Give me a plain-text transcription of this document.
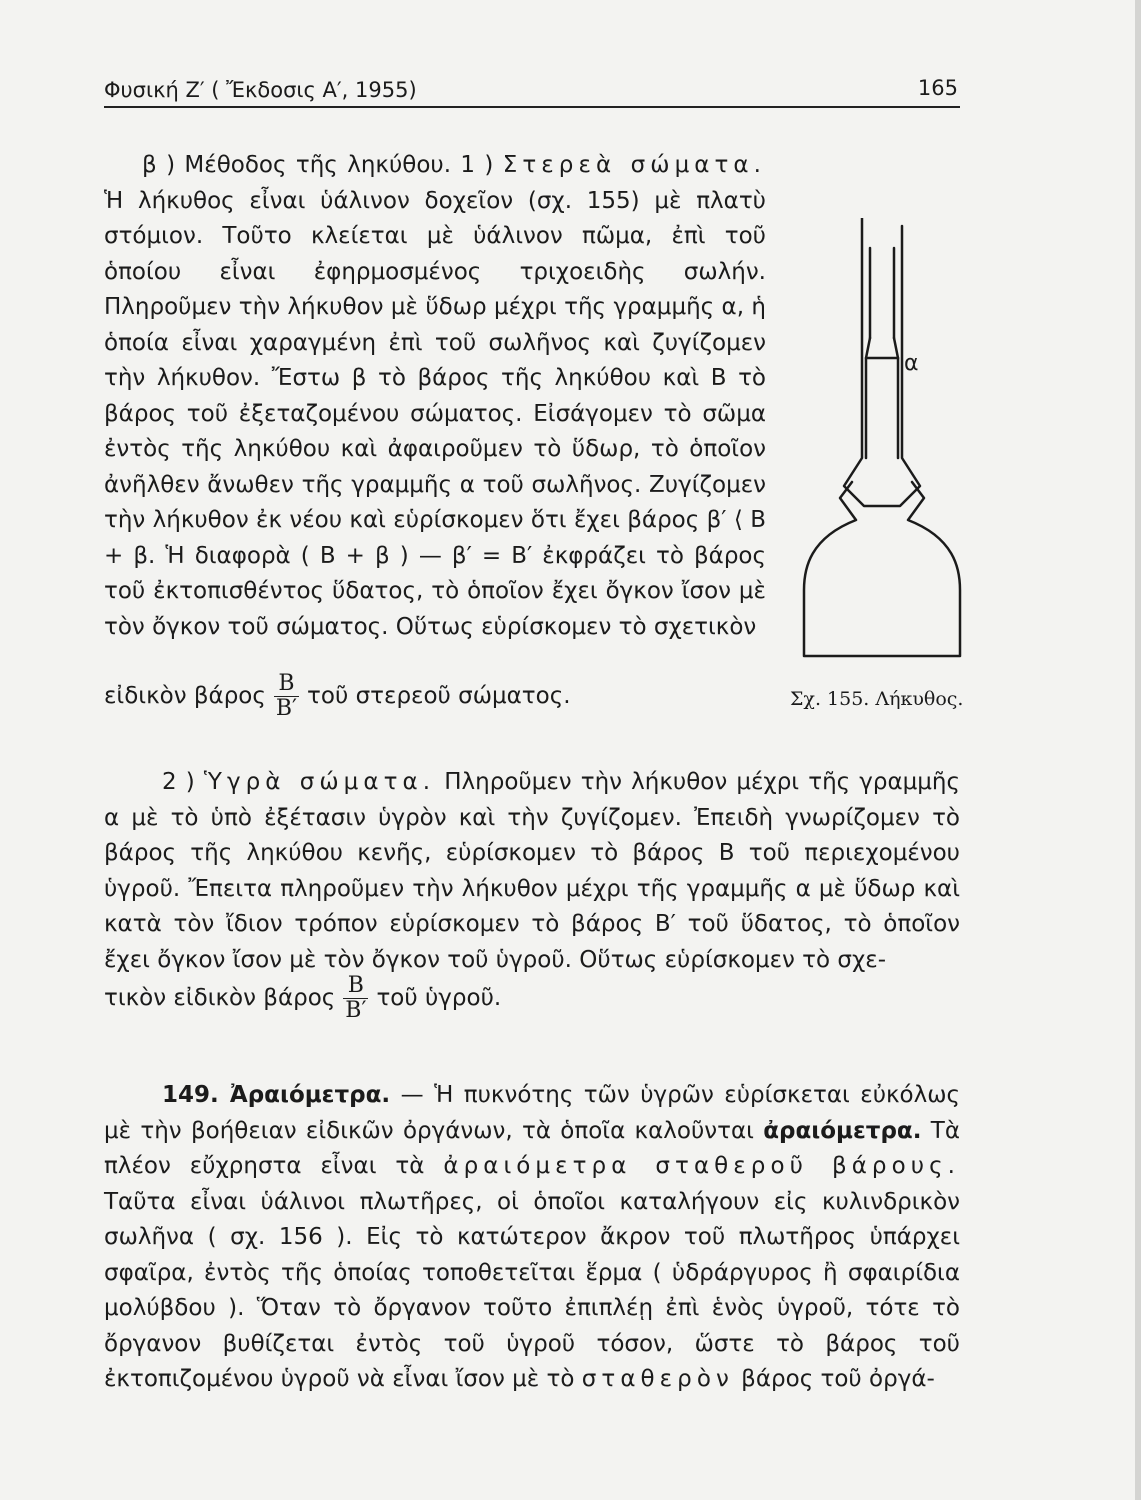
Φυσική Ζ′ ( Ἔκδοσις Α′, 1955)	165

β ) Μέθοδος τῆς ληκύθου. 1 ) Στερεὰ σώματα. Ἡ λήκυθος εἶναι ὑάλινον δοχεῖον (σχ. 155) μὲ πλατὺ στόμιον. Τοῦτο κλείεται μὲ ὑάλινον πῶμα, ἐπὶ τοῦ ὁποίου εἶναι ἐφηρμοσμένος τριχοειδὴς σωλήν. Πληροῦμεν τὴν λήκυθον μὲ ὕδωρ μέχρι τῆς γραμμῆς α, ἡ ὁποία εἶναι χαραγμένη ἐπὶ τοῦ σωλῆνος καὶ ζυγίζομεν τὴν λήκυθον. Ἔστω β τὸ βάρος τῆς ληκύθου καὶ Β τὸ βάρος τοῦ ἐξεταζομένου σώματος. Εἰσάγομεν τὸ σῶμα ἐντὸς τῆς ληκύθου καὶ ἀφαιροῦμεν τὸ ὕδωρ, τὸ ὁποῖον ἀνῆλθεν ἄνωθεν τῆς γραμμῆς α τοῦ σωλῆνος. Ζυγίζομεν τὴν λήκυθον ἐκ νέου καὶ εὑρίσκομεν ὅτι ἔχει βάρος β′ ⟨ Β + β. Ἡ διαφορὰ ( Β + β ) — β′ = Β′ ἐκφράζει τὸ βάρος τοῦ ἐκτοπισθέντος ὕδατος, τὸ ὁποῖον ἔχει ὄγκον ἴσον μὲ τὸν ὄγκον τοῦ σώματος. Οὕτως εὑρίσκομεν τὸ σχετικὸν

εἰδικὸν βάρος $\frac{B}{B'}$ τοῦ στερεοῦ σώματος.
α
Σχ. 155. Λήκυθος.

2 ) Ὑγρὰ σώματα. Πληροῦμεν τὴν λήκυθον μέχρι τῆς γραμμῆς α μὲ τὸ ὑπὸ ἐξέτασιν ὑγρὸν καὶ τὴν ζυγίζομεν. Ἐπειδὴ γνωρίζομεν τὸ βάρος τῆς ληκύθου κενῆς, εὑρίσκομεν τὸ βάρος Β τοῦ περιεχομένου ὑγροῦ. Ἔπειτα πληροῦμεν τὴν λήκυθον μέχρι τῆς γραμμῆς α μὲ ὕδωρ καὶ κατὰ τὸν ἴδιον τρόπον εὑρίσκομεν τὸ βάρος Β′ τοῦ ὕδατος, τὸ ὁποῖον ἔχει ὄγκον ἴσον μὲ τὸν ὄγκον τοῦ ὑγροῦ. Οὕτως εὑρίσκομεν τὸ σχε-

τικὸν εἰδικὸν βάρος $\frac{B}{B'}$ τοῦ ὑγροῦ.

149. Ἀραιόμετρα. — Ἡ πυκνότης τῶν ὑγρῶν εὑρίσκεται εὐκόλως μὲ τὴν βοήθειαν εἰδικῶν ὀργάνων, τὰ ὁποῖα καλοῦνται ἀραιόμετρα. Τὰ πλέον εὔχρηστα εἶναι τὰ ἀραιόμετρα σταθεροῦ βάρους. Ταῦτα εἶναι ὑάλινοι πλωτῆρες, οἱ ὁποῖοι καταλήγουν εἰς κυλινδρικὸν σωλῆνα ( σχ. 156 ). Εἰς τὸ κατώτερον ἄκρον τοῦ πλωτῆρος ὑπάρχει σφαῖρα, ἐντὸς τῆς ὁποίας τοποθετεῖται ἕρμα ( ὑδράργυρος ἢ σφαιρίδια μολύβδου ). Ὅταν τὸ ὄργανον τοῦτο ἐπιπλέῃ ἐπὶ ἑνὸς ὑγροῦ, τότε τὸ ὄργανον βυθίζεται ἐντὸς τοῦ ὑγροῦ τόσον, ὥστε τὸ βάρος τοῦ ἐκτοπιζομένου ὑγροῦ νὰ εἶναι ἴσον μὲ τὸ σταθερὸν βάρος τοῦ ὀργά-
